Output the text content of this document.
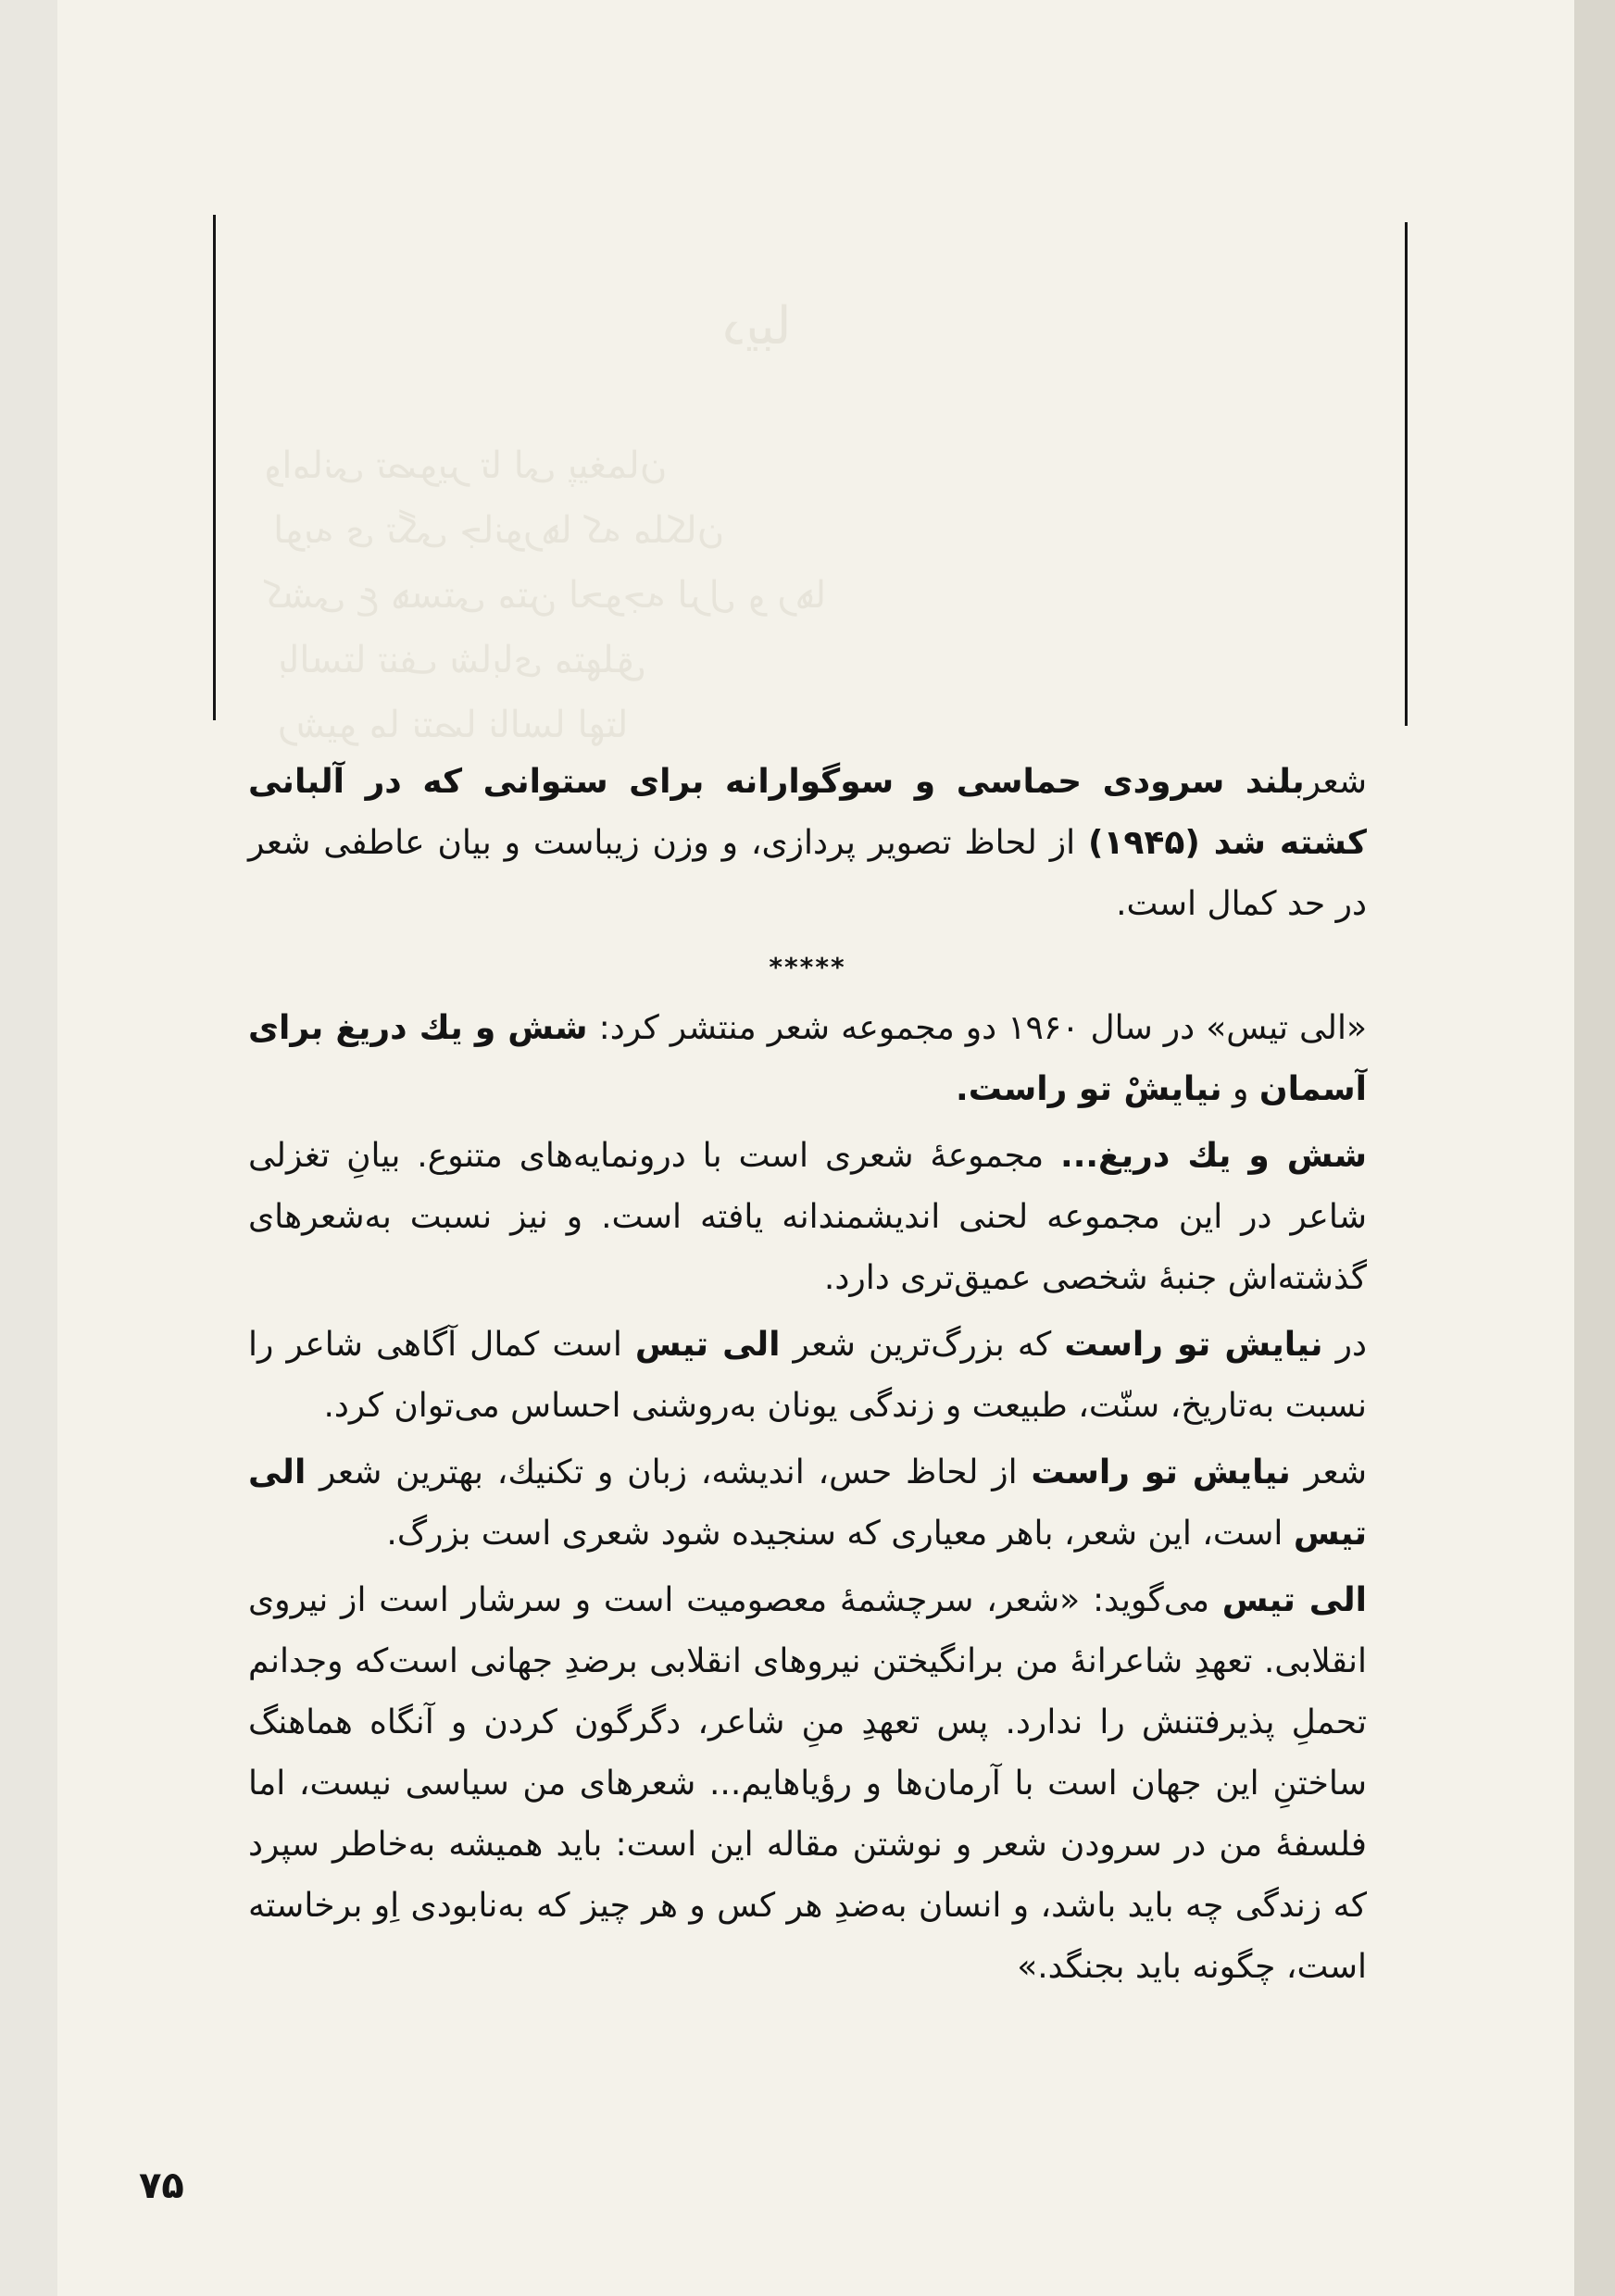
دیبا
وامانی تصویر تا لی پیغمان
لوبه ی تگی جانورها که ملکان
کشی ع هستی متن لحوجه لرل و رها
بالستا تنف شابای متهلق
رشیو ما نتصا نالسا لهتا

شعربلند سرودی حماسی و سوگوارانه برای ستوانی که در آلبانی کشته شد (۱۹۴۵) از لحاظ تصویر پردازی، و وزن زیباست و بیان عاطفی شعر در حد کمال است.

*****

«الی تیس» در سال ۱۹۶۰ دو مجموعه شعر منتشر کرد: شش و یك دریغ برای آسمان و نیایشْ تو راست.

شش و یك دریغ... مجموعهٔ شعری است با درونمایه‌های متنوع. بیانِ تغزلی شاعر در این مجموعه لحنی اندیشمندانه یافته است. و نیز نسبت به‌شعرهای گذشته‌اش جنبهٔ شخصی عمیق‌تری دارد.

در نیایش تو راست که بزرگ‌ترین شعر الی تیس است کمال آگاهی شاعر را نسبت به‌تاریخ، سنّت، طبیعت و زندگی یونان به‌روشنی احساس می‌توان کرد.

شعر نیایش تو راست از لحاظ حس، اندیشه، زبان و تکنیك، بهترین شعر الی تیس است، این شعر، باهر معیاری که سنجیده شود شعری است بزرگ.

الی تیس می‌گوید: «شعر، سرچشمهٔ معصومیت است و سرشار است از نیروی انقلابی. تعهدِ شاعرانهٔ من برانگیختن نیروهای انقلابی برضدِ جهانی است‌که وجدانم تحملِ پذیرفتنش را ندارد. پس تعهدِ منِ شاعر، دگرگون کردن و آنگاه هماهنگ ساختنِ این جهان است با آرمان‌ها و رؤیاهایم... شعرهای من سیاسی نیست، اما فلسفهٔ من در سرودن شعر و نوشتن مقاله این است: باید همیشه به‌خاطر سپرد که زندگی چه باید باشد، و انسان به‌ضدِ هر کس و هر چیز که به‌نابودی اِو برخاسته است، چگونه باید بجنگد.»

۷۵
